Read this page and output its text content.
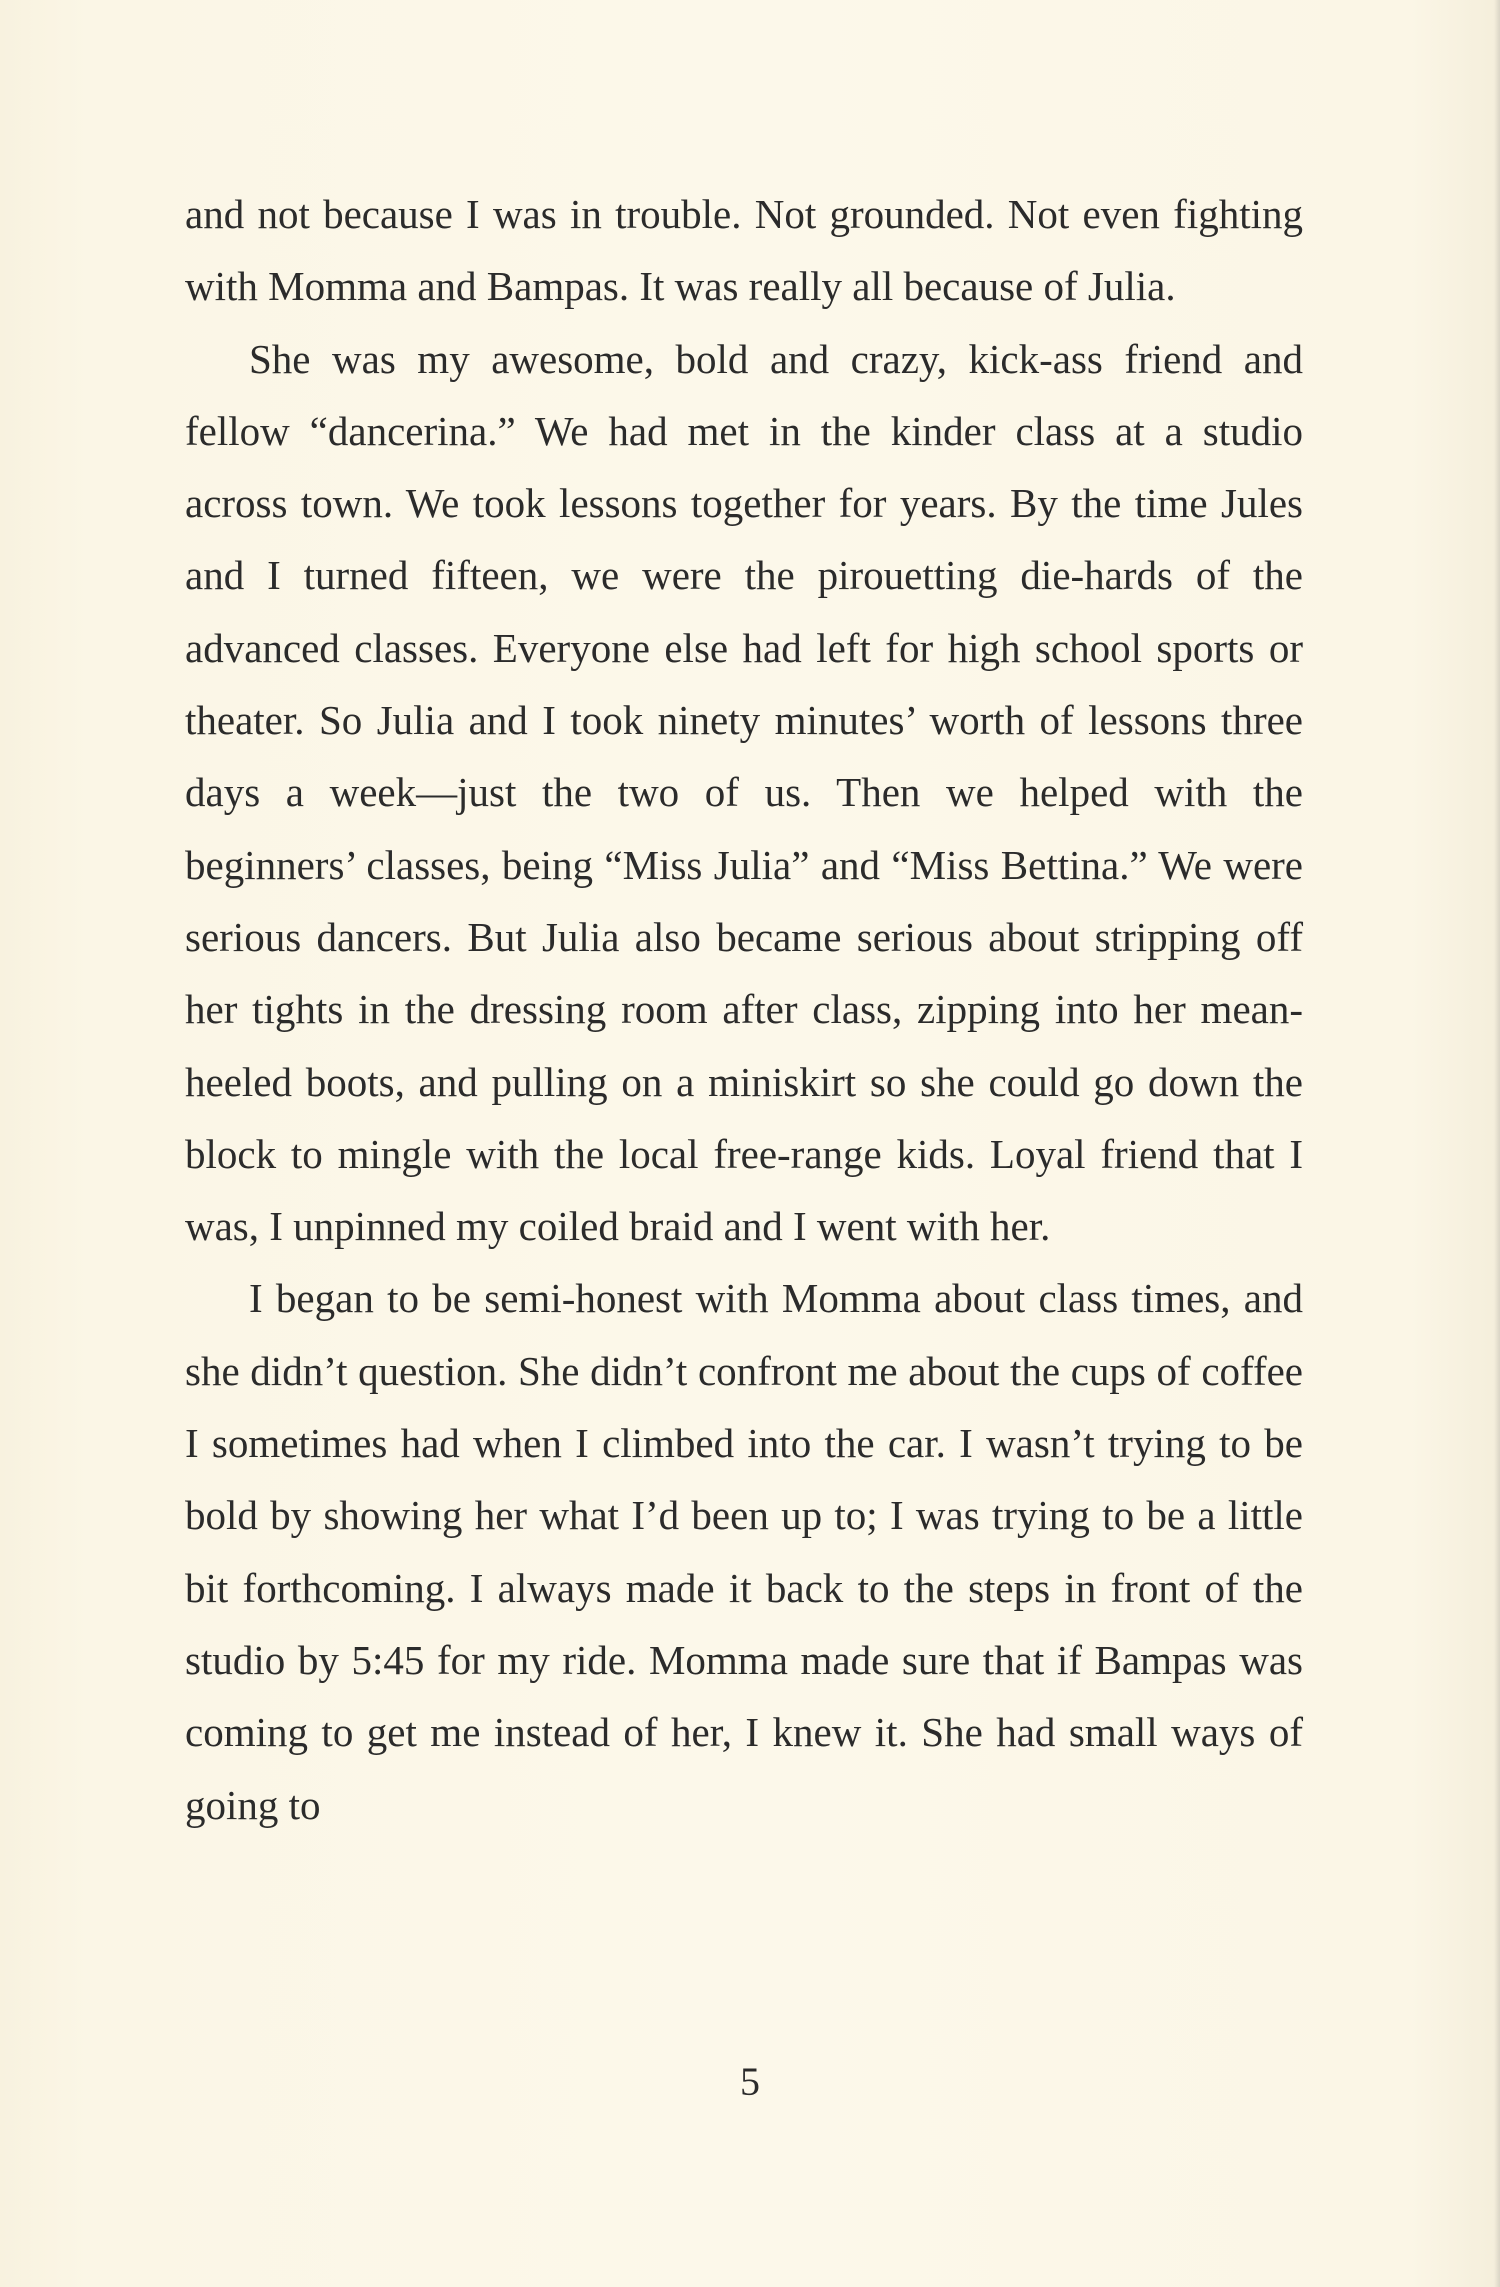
and not because I was in trouble. Not grounded. Not even fighting with Momma and Bampas. It was really all because of Julia.

She was my awesome, bold and crazy, kick-ass friend and fellow “dancerina.” We had met in the kinder class at a studio across town. We took lessons together for years. By the time Jules and I turned fifteen, we were the pirouetting die-hards of the advanced classes. Everyone else had left for high school sports or theater. So Julia and I took ninety minutes’ worth of lessons three days a week—just the two of us. Then we helped with the beginners’ classes, being “Miss Julia” and “Miss Bettina.” We were serious dancers. But Julia also became serious about stripping off her tights in the dressing room after class, zipping into her mean-heeled boots, and pulling on a miniskirt so she could go down the block to mingle with the local free-range kids. Loyal friend that I was, I unpinned my coiled braid and I went with her.

I began to be semi-honest with Momma about class times, and she didn’t question. She didn’t confront me about the cups of coffee I sometimes had when I climbed into the car. I wasn’t trying to be bold by showing her what I’d been up to; I was trying to be a little bit forthcoming. I always made it back to the steps in front of the studio by 5:45 for my ride. Momma made sure that if Bampas was coming to get me instead of her, I knew it. She had small ways of going to

5
